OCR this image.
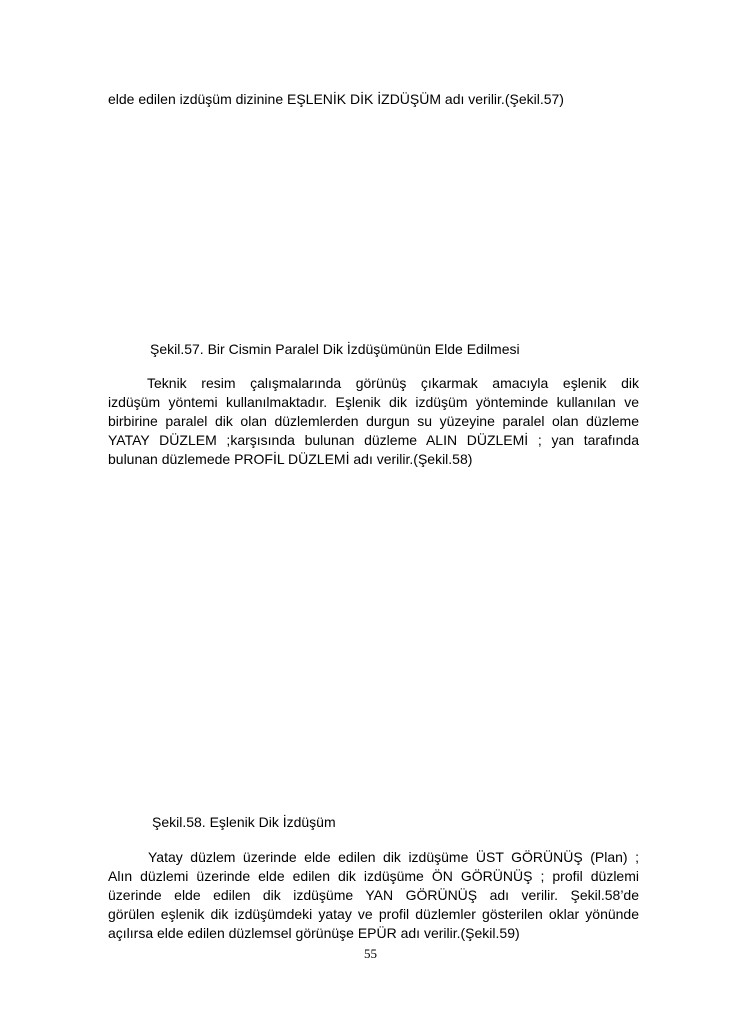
elde edilen izdüşüm dizinine EŞLENİK DİK İZDÜŞÜM adı verilir.(Şekil.57)
Şekil.57. Bir Cismin Paralel Dik İzdüşümünün Elde Edilmesi
Teknik resim çalışmalarında görünüş çıkarmak amacıyla eşlenik dik
izdüşüm yöntemi kullanılmaktadır. Eşlenik dik izdüşüm yönteminde kullanılan ve
birbirine paralel dik olan düzlemlerden durgun su yüzeyine paralel olan düzleme
YATAY DÜZLEM ;karşısında bulunan düzleme ALIN DÜZLEMİ ; yan tarafında
bulunan düzlemede PROFİL DÜZLEMİ adı verilir.(Şekil.58)
Şekil.58. Eşlenik Dik İzdüşüm
Yatay düzlem üzerinde elde edilen dik izdüşüme ÜST GÖRÜNÜŞ (Plan) ;
Alın düzlemi üzerinde elde edilen dik izdüşüme ÖN GÖRÜNÜŞ ; profil düzlemi
üzerinde elde edilen dik izdüşüme YAN GÖRÜNÜŞ adı verilir. Şekil.58’de
görülen eşlenik dik izdüşümdeki yatay ve profil düzlemler gösterilen oklar yönünde
açılırsa elde edilen düzlemsel görünüşe EPÜR adı verilir.(Şekil.59)
55
